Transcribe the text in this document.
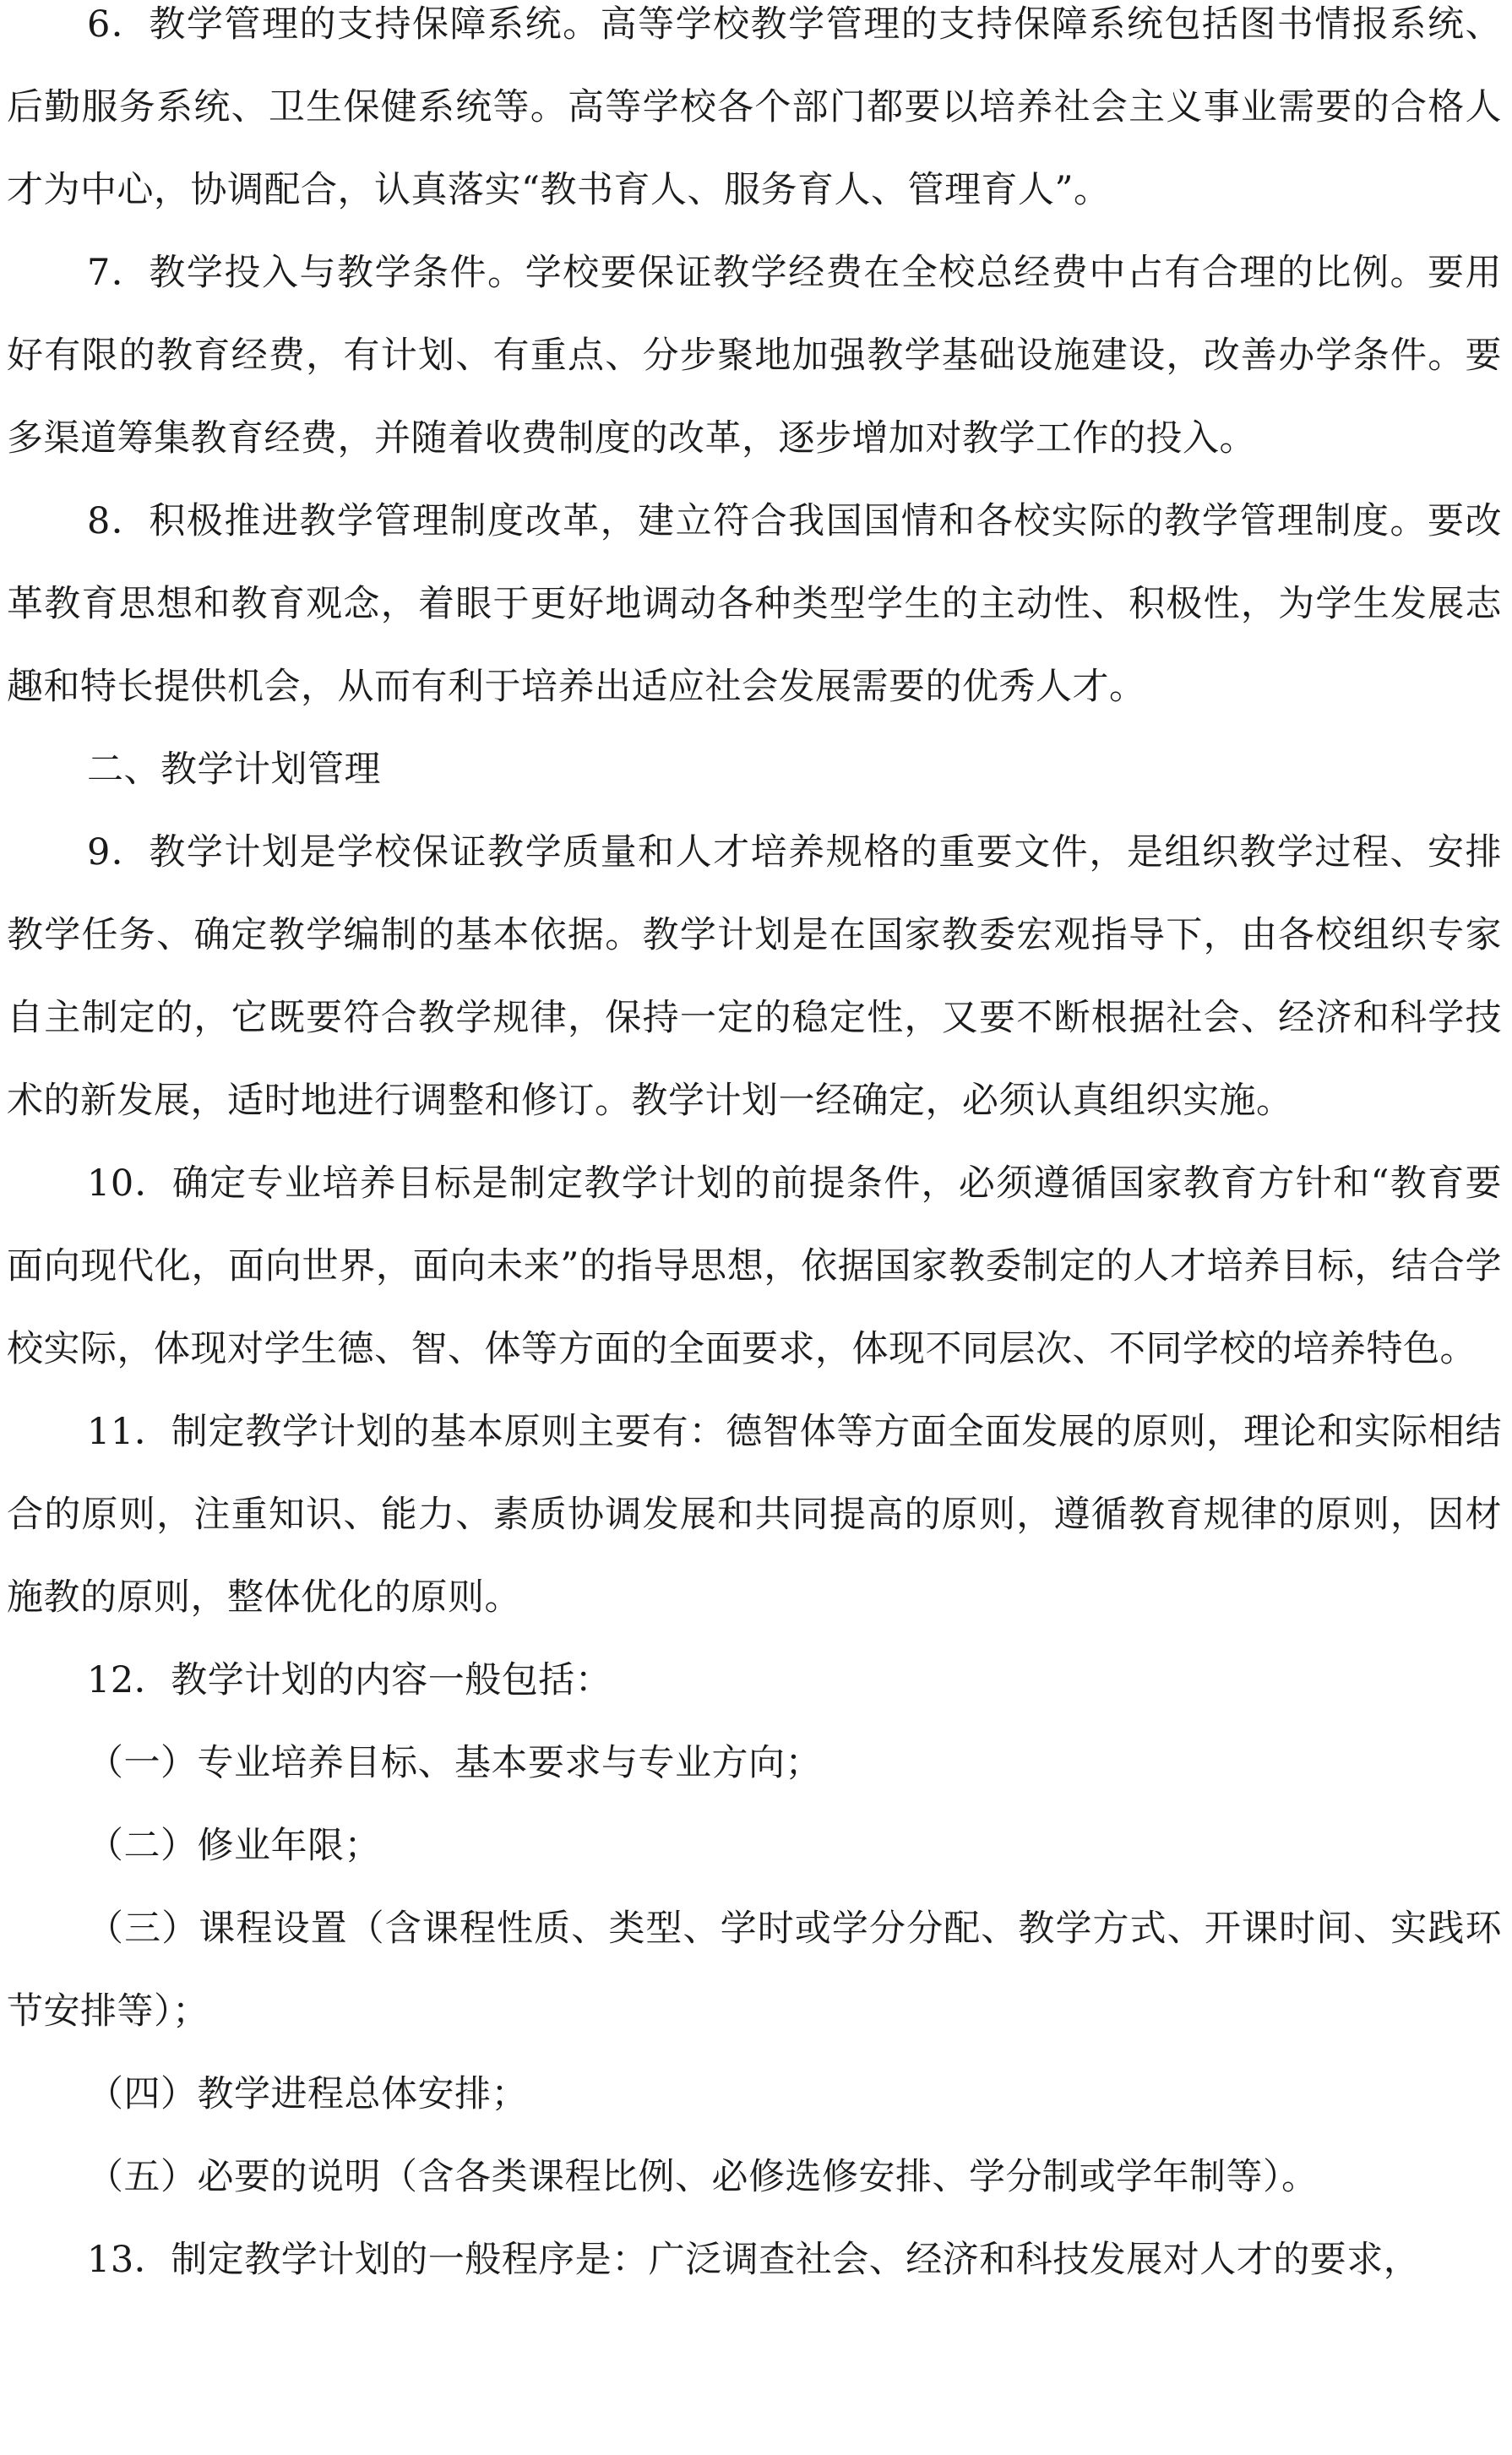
6．教学管理的支持保障系统。高等学校教学管理的支持保障系统包括图书情报系统、后勤服务系统、卫生保健系统等。高等学校各个部门都要以培养社会主义事业需要的合格人才为中心，协调配合，认真落实“教书育人、服务育人、管理育人”。

7．教学投入与教学条件。学校要保证教学经费在全校总经费中占有合理的比例。要用好有限的教育经费，有计划、有重点、分步聚地加强教学基础设施建设，改善办学条件。要多渠道筹集教育经费，并随着收费制度的改革，逐步增加对教学工作的投入。

8．积极推进教学管理制度改革，建立符合我国国情和各校实际的教学管理制度。要改革教育思想和教育观念，着眼于更好地调动各种类型学生的主动性、积极性，为学生发展志趣和特长提供机会，从而有利于培养出适应社会发展需要的优秀人才。

二、教学计划管理

9．教学计划是学校保证教学质量和人才培养规格的重要文件，是组织教学过程、安排教学任务、确定教学编制的基本依据。教学计划是在国家教委宏观指导下，由各校组织专家自主制定的，它既要符合教学规律，保持一定的稳定性，又要不断根据社会、经济和科学技术的新发展，适时地进行调整和修订。教学计划一经确定，必须认真组织实施。

10．确定专业培养目标是制定教学计划的前提条件，必须遵循国家教育方针和“教育要面向现代化，面向世界，面向未来”的指导思想，依据国家教委制定的人才培养目标，结合学校实际，体现对学生德、智、体等方面的全面要求，体现不同层次、不同学校的培养特色。

11．制定教学计划的基本原则主要有：德智体等方面全面发展的原则，理论和实际相结合的原则，注重知识、能力、素质协调发展和共同提高的原则，遵循教育规律的原则，因材施教的原则，整体优化的原则。

12．教学计划的内容一般包括：

（一）专业培养目标、基本要求与专业方向；

（二）修业年限；

（三）课程设置（含课程性质、类型、学时或学分分配、教学方式、开课时间、实践环节安排等）；

（四）教学进程总体安排；

（五）必要的说明（含各类课程比例、必修选修安排、学分制或学年制等）。

13．制定教学计划的一般程序是：广泛调查社会、经济和科技发展对人才的要求，
